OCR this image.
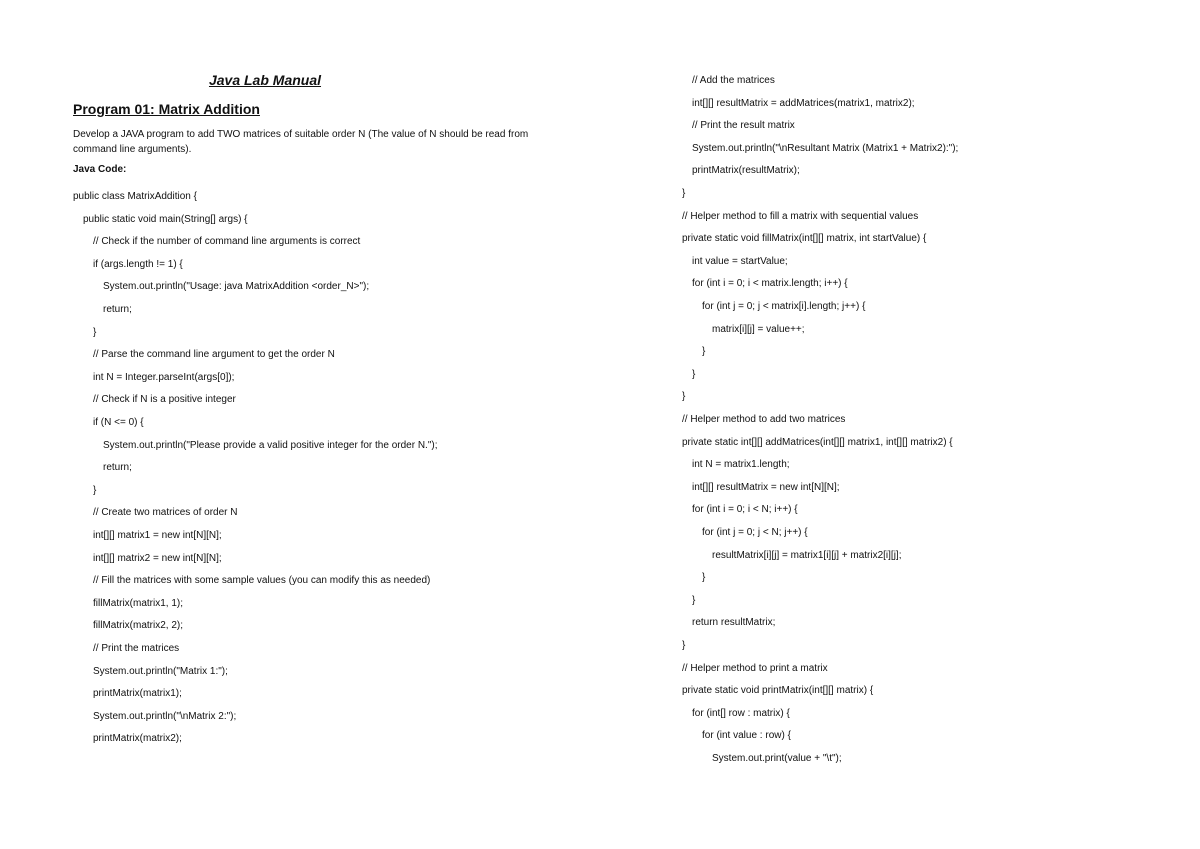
Java Lab Manual
Program 01: Matrix Addition
Develop a JAVA program to add TWO matrices of suitable order N (The value of N should be read from command line arguments).
Java Code:
public class MatrixAddition {
public static void main(String[] args) {
// Check if the number of command line arguments is correct
if (args.length != 1) {
System.out.println("Usage: java MatrixAddition <order_N>");
return;
}
// Parse the command line argument to get the order N
int N = Integer.parseInt(args[0]);
// Check if N is a positive integer
if (N <= 0) {
System.out.println("Please provide a valid positive integer for the order N.");
return;
}
// Create two matrices of order N
int[][] matrix1 = new int[N][N];
int[][] matrix2 = new int[N][N];
// Fill the matrices with some sample values (you can modify this as needed)
fillMatrix(matrix1, 1);
fillMatrix(matrix2, 2);
// Print the matrices
System.out.println("Matrix 1:");
printMatrix(matrix1);
System.out.println("\nMatrix 2:");
printMatrix(matrix2);
// Add the matrices
int[][] resultMatrix = addMatrices(matrix1, matrix2);
// Print the result matrix
System.out.println("\nResultant Matrix (Matrix1 + Matrix2):");
printMatrix(resultMatrix);
}
// Helper method to fill a matrix with sequential values
private static void fillMatrix(int[][] matrix, int startValue) {
int value = startValue;
for (int i = 0; i < matrix.length; i++) {
for (int j = 0; j < matrix[i].length; j++) {
matrix[i][j] = value++;
}
}
}
// Helper method to add two matrices
private static int[][] addMatrices(int[][] matrix1, int[][] matrix2) {
int N = matrix1.length;
int[][] resultMatrix = new int[N][N];
for (int i = 0; i < N; i++) {
for (int j = 0; j < N; j++) {
resultMatrix[i][j] = matrix1[i][j] + matrix2[i][j];
}
}
return resultMatrix;
}
// Helper method to print a matrix
private static void printMatrix(int[][] matrix) {
for (int[] row : matrix) {
for (int value : row) {
System.out.print(value + "\t");
